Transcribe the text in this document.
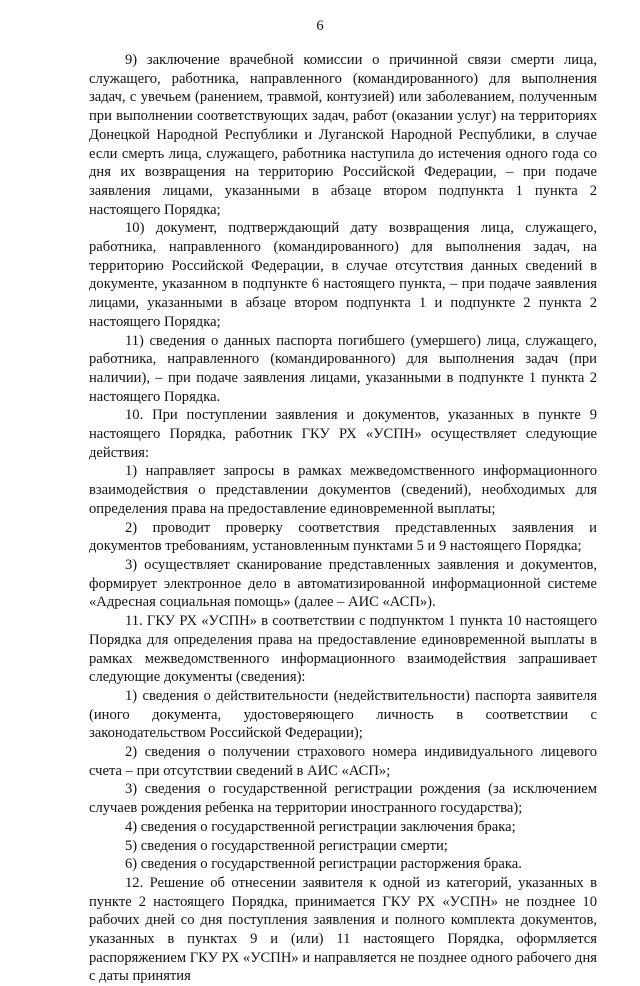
6

9) заключение врачебной комиссии о причинной связи смерти лица, служащего, работника, направленного (командированного) для выполнения задач, с увечьем (ранением, травмой, контузией) или заболеванием, полученным при выполнении соответствующих задач, работ (оказании услуг) на территориях Донецкой Народной Республики и Луганской Народной Республики, в случае если смерть лица, служащего, работника наступила до истечения одного года со дня их возвращения на территорию Российской Федерации, – при подаче заявления лицами, указанными в абзаце втором подпункта 1 пункта 2 настоящего Порядка;

10) документ, подтверждающий дату возвращения лица, служащего, работника, направленного (командированного) для выполнения задач, на территорию Российской Федерации, в случае отсутствия данных сведений в документе, указанном в подпункте 6 настоящего пункта, – при подаче заявления лицами, указанными в абзаце втором подпункта 1 и подпункте 2 пункта 2 настоящего Порядка;

11) сведения о данных паспорта погибшего (умершего) лица, служащего, работника, направленного (командированного) для выполнения задач (при наличии), – при подаче заявления лицами, указанными в подпункте 1 пункта 2 настоящего Порядка.

10. При поступлении заявления и документов, указанных в пункте 9 настоящего Порядка, работник ГКУ РХ «УСПН» осуществляет следующие действия:

1) направляет запросы в рамках межведомственного информационного взаимодействия о представлении документов (сведений), необходимых для определения права на предоставление единовременной выплаты;

2) проводит проверку соответствия представленных заявления и документов требованиям, установленным пунктами 5 и 9 настоящего Порядка;

3) осуществляет сканирование представленных заявления и документов, формирует электронное дело в автоматизированной информационной системе «Адресная социальная помощь» (далее – АИС «АСП»).

11. ГКУ РХ «УСПН» в соответствии с подпунктом 1 пункта 10 настоящего Порядка для определения права на предоставление единовременной выплаты в рамках межведомственного информационного взаимодействия запрашивает следующие документы (сведения):

1) сведения о действительности (недействительности) паспорта заявителя (иного документа, удостоверяющего личность в соответствии с законодательством Российской Федерации);

2) сведения о получении страхового номера индивидуального лицевого счета – при отсутствии сведений в АИС «АСП»;

3) сведения о государственной регистрации рождения (за исключением случаев рождения ребенка на территории иностранного государства);

4) сведения о государственной регистрации заключения брака;

5) сведения о государственной регистрации смерти;

6) сведения о государственной регистрации расторжения брака.

12. Решение об отнесении заявителя к одной из категорий, указанных в пункте 2 настоящего Порядка, принимается ГКУ РХ «УСПН» не позднее 10 рабочих дней со дня поступления заявления и полного комплекта документов, указанных в пунктах 9 и (или) 11 настоящего Порядка, оформляется распоряжением ГКУ РХ «УСПН» и направляется не позднее одного рабочего дня с даты принятия
